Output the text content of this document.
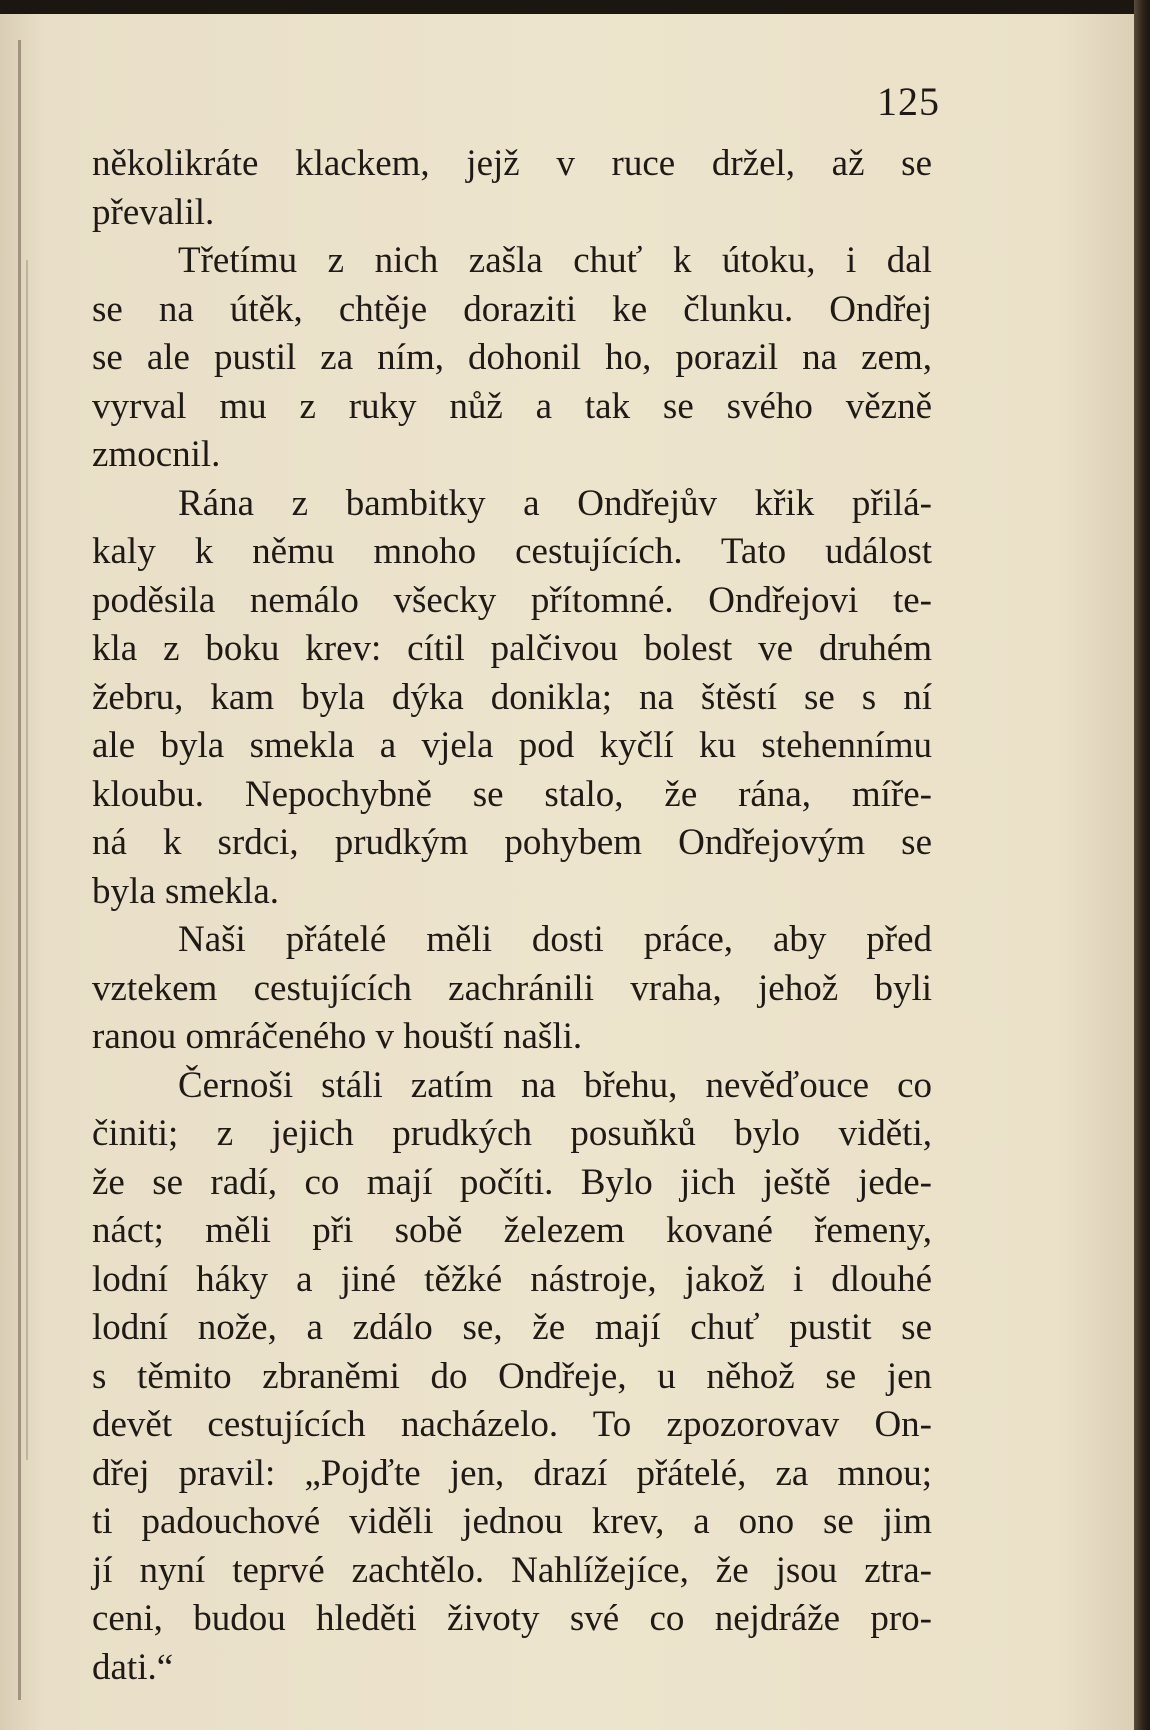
125
několikráte klackem, jejž v ruce držel, až se
převalil.
Třetímu z nich zašla chuť k útoku, i dal
se na útěk, chtěje doraziti ke člunku. Ondřej
se ale pustil za ním, dohonil ho, porazil na zem,
vyrval mu z ruky nůž a tak se svého vězně
zmocnil.
Rána z bambitky a Ondřejův křik přilá-
kaly k němu mnoho cestujících. Tato událost
poděsila nemálo všecky přítomné. Ondřejovi te-
kla z boku krev: cítil palčivou bolest ve druhém
žebru, kam byla dýka donikla; na štěstí se s ní
ale byla smekla a vjela pod kyčlí ku stehennímu
kloubu. Nepochybně se stalo, že rána, míře-
ná k srdci, prudkým pohybem Ondřejovým se
byla smekla.
Naši přátelé měli dosti práce, aby před
vztekem cestujících zachránili vraha, jehož byli
ranou omráčeného v houští našli.
Černoši stáli zatím na břehu, nevěďouce co
činiti; z jejich prudkých posuňků bylo viděti,
že se radí, co mají počíti. Bylo jich ještě jede-
náct; měli při sobě železem kované řemeny,
lodní háky a jiné těžké nástroje, jakož i dlouhé
lodní nože, a zdálo se, že mají chuť pustit se
s těmito zbraněmi do Ondřeje, u něhož se jen
devět cestujících nacházelo. To zpozorovav On-
dřej pravil: „Pojďte jen, drazí přátelé, za mnou;
ti padouchové viděli jednou krev, a ono se jim
jí nyní teprvé zachtělo. Nahlížejíce, že jsou ztra-
ceni, budou hleděti životy své co nejdráže pro-
dati.“
